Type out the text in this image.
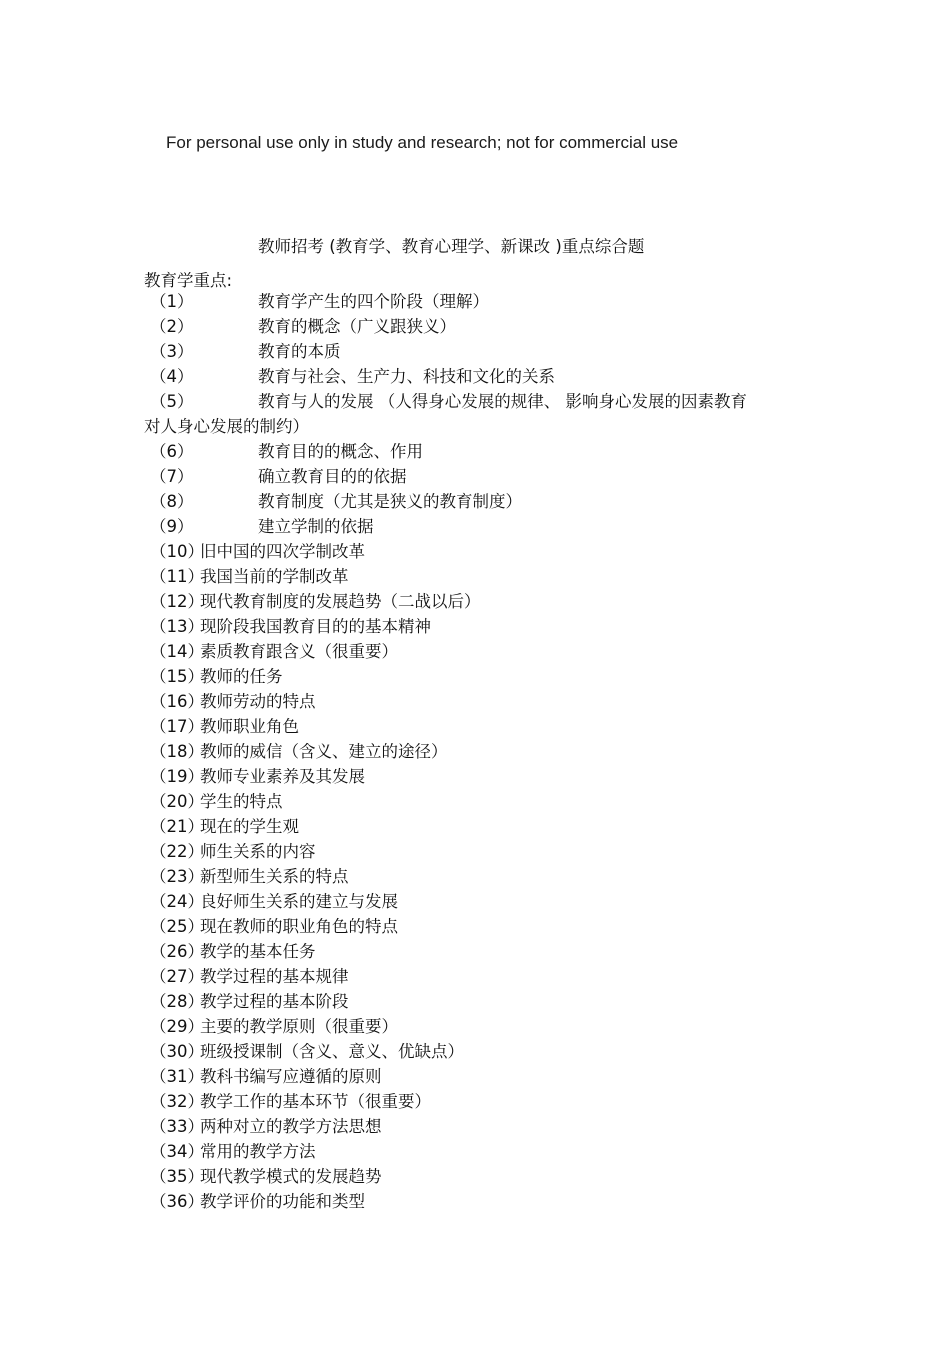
For personal use only in study and research; not for commercial use
教师招考 (教育学、教育心理学、新课改 )重点综合题
教育学重点:
（1）	教育学产生的四个阶段（理解）
（2）	教育的概念（广义跟狭义）
（3）	教育的本质
（4）	教育与社会、生产力、科技和文化的关系
（5）	教育与人的发展 （人得身心发展的规律、 影响身心发展的因素教育
对人身心发展的制约）
（6）	教育目的的概念、作用
（7）	确立教育目的的依据
（8）	教育制度（尤其是狭义的教育制度）
（9）	建立学制的依据
（10）
旧中国的四次学制改革
（11）
我国当前的学制改革
（12）
现代教育制度的发展趋势（二战以后）
（13）
现阶段我国教育目的的基本精神
（14）
素质教育跟含义（很重要）
（15）
教师的任务
（16）
教师劳动的特点
（17）
教师职业角色
（18）
教师的威信（含义、建立的途径）
（19）
教师专业素养及其发展
（20）
学生的特点
（21）
现在的学生观
（22）
师生关系的内容
（23）
新型师生关系的特点
（24）
良好师生关系的建立与发展
（25）
现在教师的职业角色的特点
（26）
教学的基本任务
（27）
教学过程的基本规律
（28）
教学过程的基本阶段
（29）
主要的教学原则（很重要）
（30）
班级授课制（含义、意义、优缺点）
（31）
教科书编写应遵循的原则
（32）
教学工作的基本环节（很重要）
（33）
两种对立的教学方法思想
（34）
常用的教学方法
（35）
现代教学模式的发展趋势
（36）
教学评价的功能和类型
